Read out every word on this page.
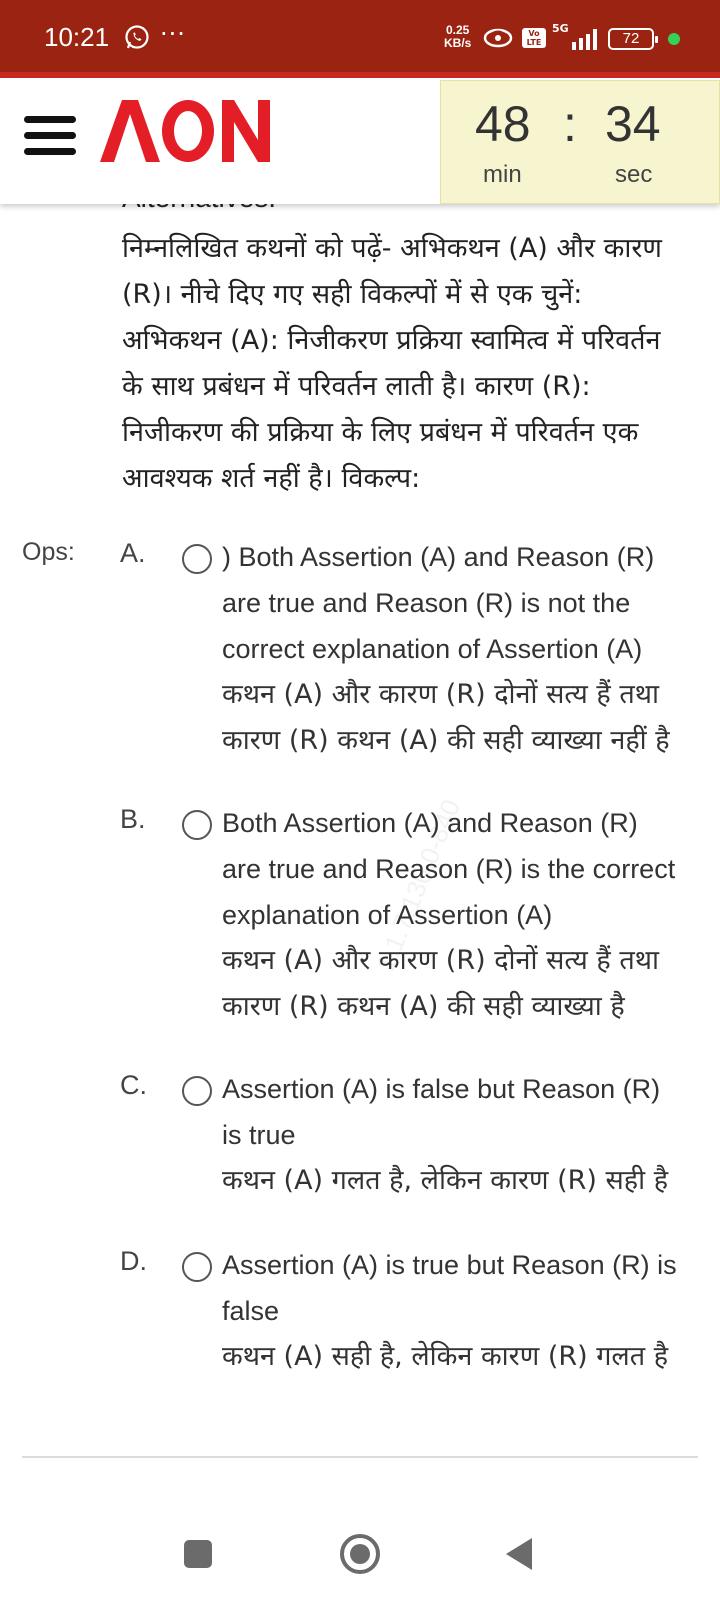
10:21 ···	0.25
KB/s
Vo LTE
5G
72
48 : 34
min	sec
निम्नलिखित कथनों को पढ़ें- अभिकथन (A) और कारण (R)। नीचे दिए गए सही विकल्पों में से एक चुनें: अभिकथन (A): निजीकरण प्रक्रिया स्वामित्व में परिवर्तन के साथ प्रबंधन में परिवर्तन लाती है। कारण (R): निजीकरण की प्रक्रिया के लिए प्रबंधन में परिवर्तन एक आवश्यक शर्त नहीं है। विकल्प:
Ops: A.	) Both Assertion (A) and Reason (R) are true and Reason (R) is not the correct explanation of Assertion (A)
कथन (A) और कारण (R) दोनों सत्य हैं तथा कारण (R) कथन (A) की सही व्याख्या नहीं है
B.	Both Assertion (A) and Reason (R) are true and Reason (R) is the correct explanation of Assertion (A)
कथन (A) और कारण (R) दोनों सत्य हैं तथा कारण (R) कथन (A) की सही व्याख्या है
C.	Assertion (A) is false but Reason (R) is true
कथन (A) गलत है, लेकिन कारण (R) सही है
D.	Assertion (A) is true but Reason (R) is false
कथन (A) सही है, लेकिन कारण (R) गलत है
1.1.7.130.0-840
